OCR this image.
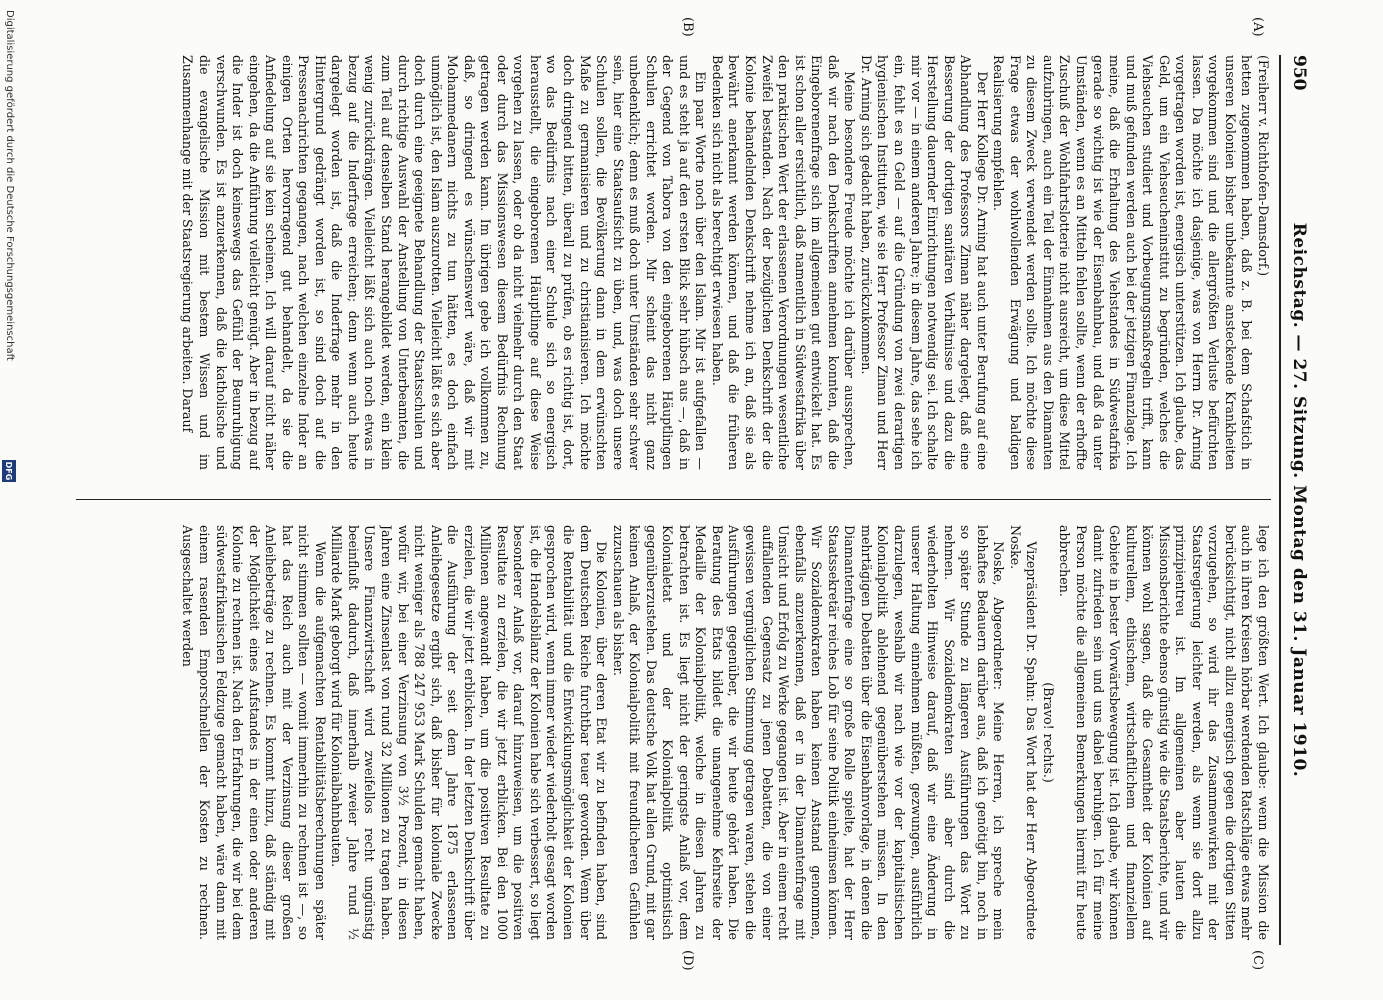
950
Reichstag. — 27. Sitzung. Montag den 31. Januar 1910.
(A)
(B)
(C)
(D)

(Freiherr v. Richthofen-Damsdorf.)

hetten zugenommen haben, daß z. B. bei dem Schafstich in unseren Kolonien bisher unbekannte ansteckende Krankheiten vorgekommen sind und die allergrößten Verluste befürchten lassen. Da möchte ich dasjenige, was von Herrn Dr. Arning vorgetragen worden ist, energisch unterstützen. Ich glaube, das Geld, um ein Viehseucheninstitut zu begründen, welches die Viehseuchen studiert und Vorbeugungsmaßregeln trifft, kann und muß gefunden werden auch bei der jetzigen Finanzlage. Ich meine, daß die Erhaltung des Viehstandes in Südwestafrika gerade so wichtig ist wie der Eisenbahnbau, und daß da unter Umständen, wenn es an Mitteln fehlen sollte, wenn der erhoffte Zuschuß der Wohlfahrtslotterie nicht ausreicht, um diese Mittel aufzubringen, auch ein Teil der Einnahmen aus den Diamanten zu diesem Zweck verwendet werden sollte. Ich möchte diese Frage etwas der wohlwollenden Erwägung und baldigen Realisierung empfehlen.

Der Herr Kollege Dr. Arning hat auch unter Berufung auf eine Abhandlung des Professors Ziman näher dargelegt, daß eine Besserung der dortigen sanitären Verhältnisse und dazu die Herstellung dauernder Einrichtungen notwendig sei. Ich schalte mir vor — in einem anderen Jahre; in diesem Jahre, das sehe ich ein, fehlt es an Geld — auf die Gründung von zwei derartigen hygienischen Instituten, wie sie Herr Professor Ziman und Herr Dr. Arning sich gedacht haben, zurückzukommen.

Meine besondere Freude möchte ich darüber aussprechen, daß wir nach den Denkschriften annehmen konnten, daß die Eingeborenenfrage sich im allgemeinen gut entwickelt hat. Es ist schon aller ersichtlich, daß namentlich in Südwestafrika über den praktischen Wert der erlassenen Verordnungen wesentliche Zweifel bestanden. Nach der bezüglichen Denkschrift der die Kolonie behandelnden Denkschrift nehme ich an, daß sie als bewährt anerkannt werden können, und daß die früheren Bedenken sich nicht als berechtigt erwiesen haben.

Ein paar Worte noch über den Islam. Mir ist aufgefallen — und es steht ja auf den ersten Blick sehr hübsch aus —, daß in der Gegend von Tabora von den eingeborenen Häuptlingen Schulen errichtet worden. Mir scheint das nicht ganz unbedenklich; denn es muß doch unter Umständen sehr schwer sein, hier eine Staatsaufsicht zu üben, und, was doch unsere Schulen sollen, die Bevölkerung dann in dem erwünschten Maße zu germanisieren und zu christianisieren. Ich möchte doch dringend bitten, überall zu prüfen, ob es richtig ist, dort, wo das Bedürfnis nach einer Schule sich so energisch herausstellt, die eingeborenen Häuptlinge auf diese Weise vorgehen zu lassen, oder ob da nicht vielmehr durch den Staat oder durch das Missionswesen diesem Bedürfnis Rechnung getragen werden kann. Im übrigen gebe ich vollkommen zu, daß, so dringend es wünschenswert wäre, daß wir mit Mohammedanern nichts zu tun hätten, es doch einfach unmöglich ist, den Islam auszurotten. Vielleicht läßt es sich aber doch durch eine geeignete Behandlung der Staatsschulen und durch richtige Auswahl der Anstellung von Unterbeamten, die zum Teil auf denselben Stand herangebildet werden, ein klein wenig zurückdrängen. Vielleicht läßt sich auch noch etwas in bezug auf die Inderfrage erreichen; denn wenn auch heute dargelegt worden ist, daß die Inderfrage mehr in den Hintergrund gedrängt worden ist, so sind doch auf die Pressenachrichten gegangen, nach welchen einzelne Inder an einigen Orten hervorragend gut behandelt, da sie die Anfiedelung auf sie kein scheinen. Ich will darauf nicht näher eingehen, da die Anführung vielleicht genügt. Aber in bezug auf die Inder ist doch keineswegs das Gefühl der Beunruhigung verschwunden. Es ist anzuerkennen, daß die katholische und die evangelische Mission mit bestem Wissen und im Zusammenhange mit der Staatsregierung arbeiten. Darauf

lege ich den größten Wert. Ich glaube: wenn die Mission die auch in ihren Kreisen hörbar werdenden Ratschläge etwas mehr berücksichtigt, nicht allzu energisch gegen die dortigen Sitten vorzugehen, so wird ihr das Zusammenwirken mit der Staatsregierung leichter werden, als wenn sie dort allzu prinzipientreu ist. Im allgemeinen aber lauten die Missionsberichte ebenso günstig wie die Staatsberichte, und wir können wohl sagen, daß die Gesamtheit der Kolonien auf kulturellem, ethischem, wirtschaftlichem und finanziellem Gebiete in bester Vorwärtsbewegung ist. Ich glaube, wir können damit zufrieden sein und uns dabei beruhigen. Ich für meine Person möchte die allgemeinen Bemerkungen hiermit für heute abbrechen.

(Bravo! rechts.)

Vizepräsident Dr. Spahn: Das Wort hat der Herr Abgeordnete Noske.

Noske, Abgeordneter: Meine Herren, ich spreche mein lebhaftes Bedauern darüber aus, daß ich genötigt bin, noch in so später Stunde zu längeren Ausführungen das Wort zu nehmen. Wir Sozialdemokraten sind aber durch die wiederholten Hinweise darauf, daß wir eine Änderung in unserer Haltung einnehmen müßten, gezwungen, ausführlich darzulegen, weshalb wir nach wie vor der kapitalistischen Kolonialpolitik ablehnend gegenüberstehen müssen. In den mehrtägigen Debatten über die Eisenbahnvorlage, in denen die Diamantenfrage eine so große Rolle spielte, hat der Herr Staatssekretär reiches Lob für seine Politik einheimsen können. Wir Sozialdemokraten haben keinen Anstand genommen, ebenfalls anzuerkennen, daß er in der Diamantenfrage mit Umsicht und Erfolg zu Werke gegangen ist. Aber in einem recht auffallenden Gegensatz zu jenen Debatten, die von einer gewissen vergnüglichen Stimmung getragen waren, stehen die Ausführungen gegenüber, die wir heute gehört haben. Die Beratung des Etats bildet die unangenehme Kehrseite der Medaille der Kolonialpolitik, welche in diesen Jahren zu betrachten ist. Es liegt nicht der geringste Anlaß vor, dem Kolonialetat und der Kolonialpolitik optimistisch gegenüberzustehen. Das deutsche Volk hat allen Grund, mit gar keinen Anlaß, der Kolonialpolitik mit freundlicheren Gefühlen zuzuschauen als bisher.

Die Kolonien, über deren Etat wir zu befinden haben, sind dem Deutschen Reiche furchtbar teuer geworden. Wenn über die Rentabilität und die Entwicklungsmöglichkeit der Kolonien gesprochen wird, wenn immer wieder wiederholt gesagt worden ist, die Handelsbilanz der Kolonien habe sich verbessert, so liegt besonderer Anlaß vor, darauf hinzuweisen, um die positiven Resultate zu erzielen, die wir jetzt erblicken. Bei den 1000 Millionen angewandt haben, um die positiven Resultate zu erzielen, die wir jetzt erblicken. In der letzten Denkschrift über die Ausführung der seit dem Jahre 1875 erlassenen Anleihegesetze ergibt sich, daß bisher für koloniale Zwecke nicht weniger als 788 247 953 Mark Schulden gemacht haben, wofür wir, bei einer Verzinsung von 3½ Prozent, in diesen Jahren eine Zinsenlast von rund 32 Millionen zu tragen haben. Unsere Finanzwirtschaft wird zweifellos recht ungünstig beeinflußt dadurch, daß innerhalb zweier Jahre rund ½ Milliarde Mark geborgt wird für Kolonialbahnbauten.

Wenn die aufgemachten Rentabilitätsberechnungen später nicht stimmen sollten — womit immerhin zu rechnen ist —, so hat das Reich auch mit der Verzinsung dieser großen Anleihebeträge zu rechnen. Es kommt hinzu, daß ständig mit der Möglichkeit eines Aufstandes in der einen oder anderen Kolonie zu rechnen ist. Nach den Erfahrungen, die wir bei dem südwestafrikanischen Feldzuge gemacht haben, wäre dann mit einem rasenden Emporschnellen der Kosten zu rechnen. Ausgeschaltet werden

Digitalisierung gefördert durch die Deutsche Forschungsgemeinschaft
DFG
